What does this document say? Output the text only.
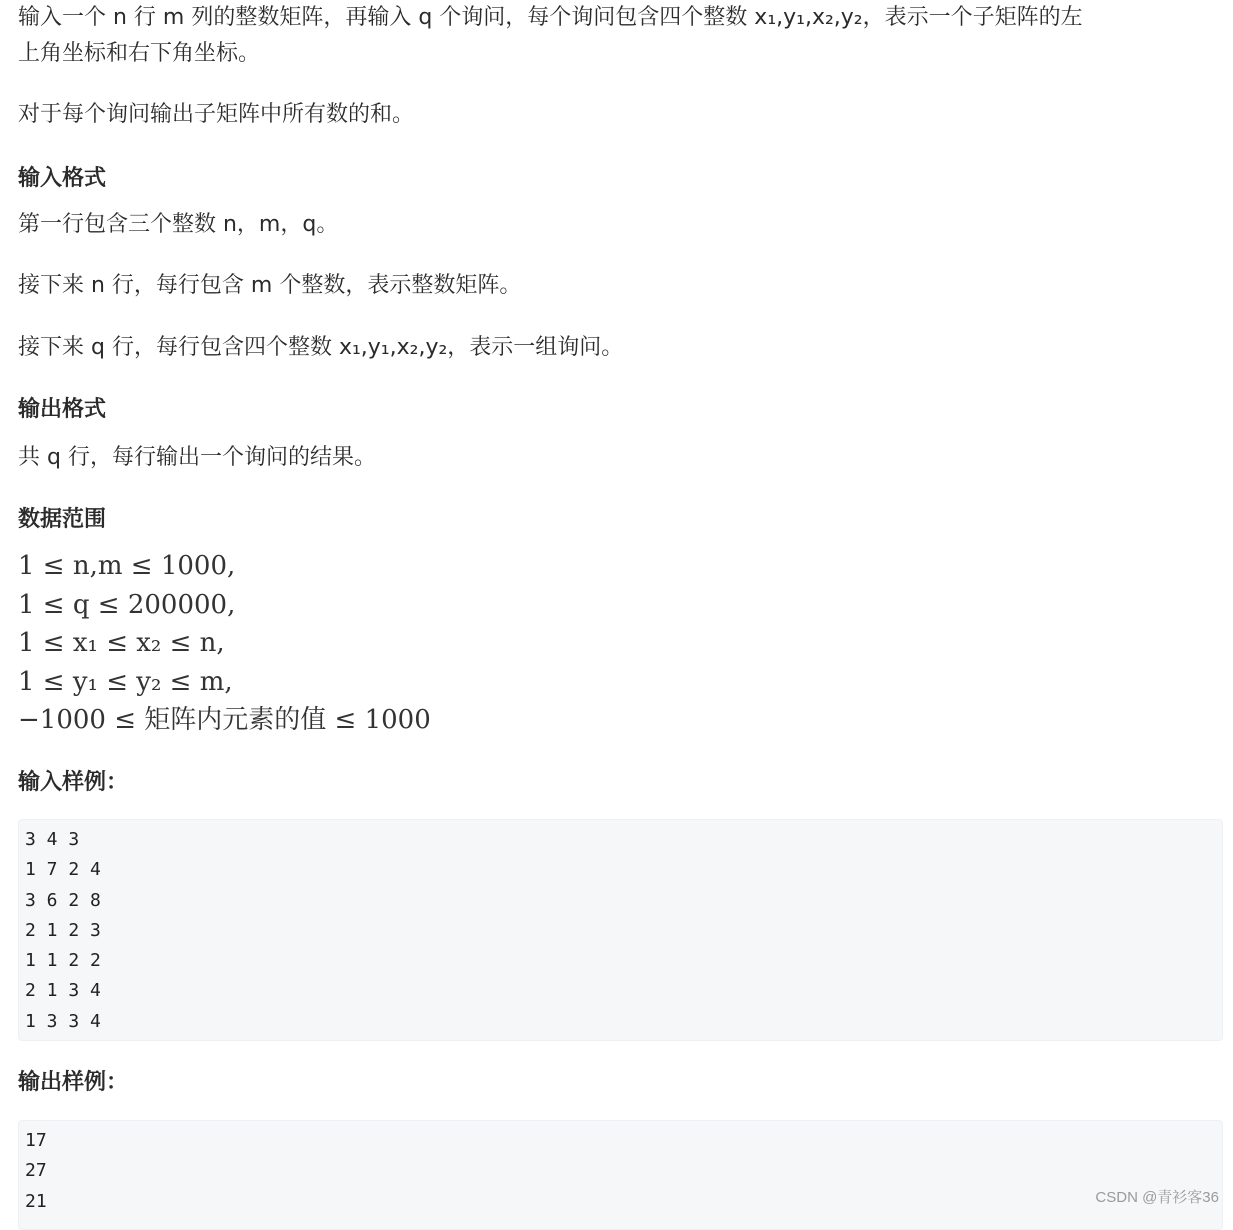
输入一个 n 行 m 列的整数矩阵，再输入 q 个询问，每个询问包含四个整数 x₁,y₁,x₂,y₂，表示一个子矩阵的左

上角坐标和右下角坐标。

对于每个询问输出子矩阵中所有数的和。

输入格式

第一行包含三个整数 n，m，q。

接下来 n 行，每行包含 m 个整数，表示整数矩阵。

接下来 q 行，每行包含四个整数 x₁,y₁,x₂,y₂，表示一组询问。

输出格式

共 q 行，每行输出一个询问的结果。

数据范围
1 ≤ n,m ≤ 1000,
1 ≤ q ≤ 200000,
1 ≤ x₁ ≤ x₂ ≤ n,
1 ≤ y₁ ≤ y₂ ≤ m,
−1000 ≤ 矩阵内元素的值 ≤ 1000
输入样例：
3 4 3
1 7 2 4
3 6 2 8
2 1 2 3
1 1 2 2
2 1 3 4
1 3 3 4
输出样例：
17
27
21	CSDN @青衫客36
